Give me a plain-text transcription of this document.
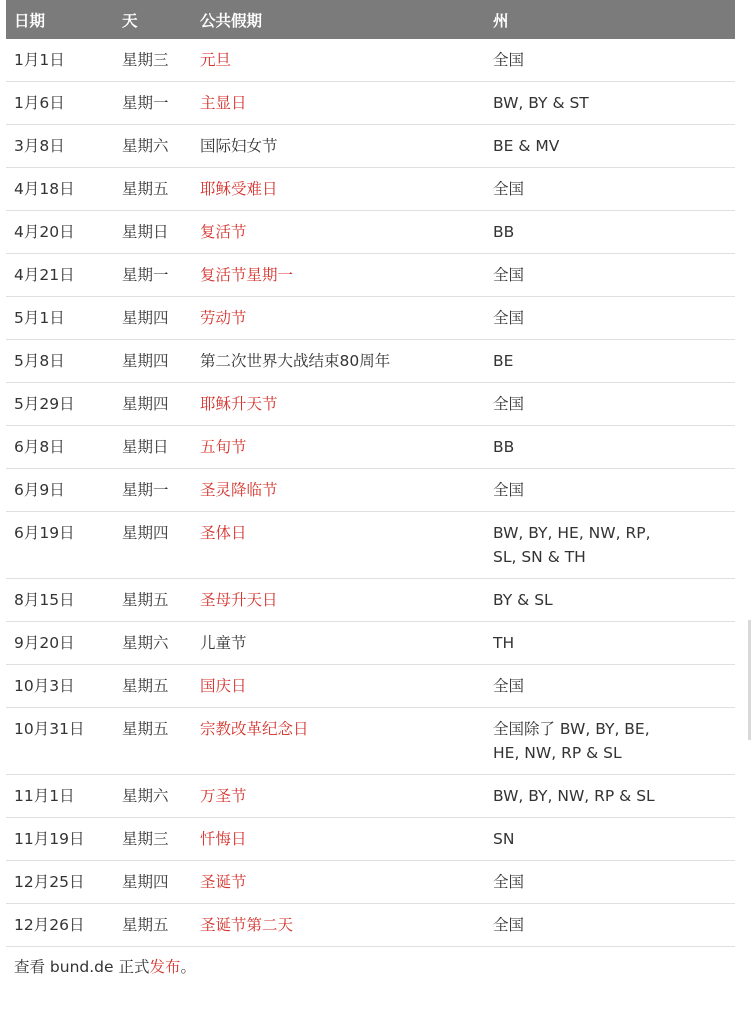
日期	天	公共假期	州
1月1日	星期三	元旦	全国
1月6日	星期一	主显日	BW, BY & ST
3月8日	星期六	国际妇女节	BE & MV
4月18日	星期五	耶稣受难日	全国
4月20日	星期日	复活节	BB
4月21日	星期一	复活节星期一	全国
5月1日	星期四	劳动节	全国
5月8日	星期四	第二次世界大战结束80周年	BE
5月29日	星期四	耶稣升天节	全国
6月8日	星期日	五旬节	BB
6月9日	星期一	圣灵降临节	全国
6月19日	星期四	圣体日	BW, BY, HE, NW, RP, SL, SN & TH
8月15日	星期五	圣母升天日	BY & SL
9月20日	星期六	儿童节	TH
10月3日	星期五	国庆日	全国
10月31日	星期五	宗教改革纪念日	全国除了 BW, BY, BE, HE, NW, RP & SL
11月1日	星期六	万圣节	BW, BY, NW, RP & SL
11月19日	星期三	忏悔日	SN
12月25日	星期四	圣诞节	全国
12月26日	星期五	圣诞节第二天	全国
查看 bund.de 正式发布。
